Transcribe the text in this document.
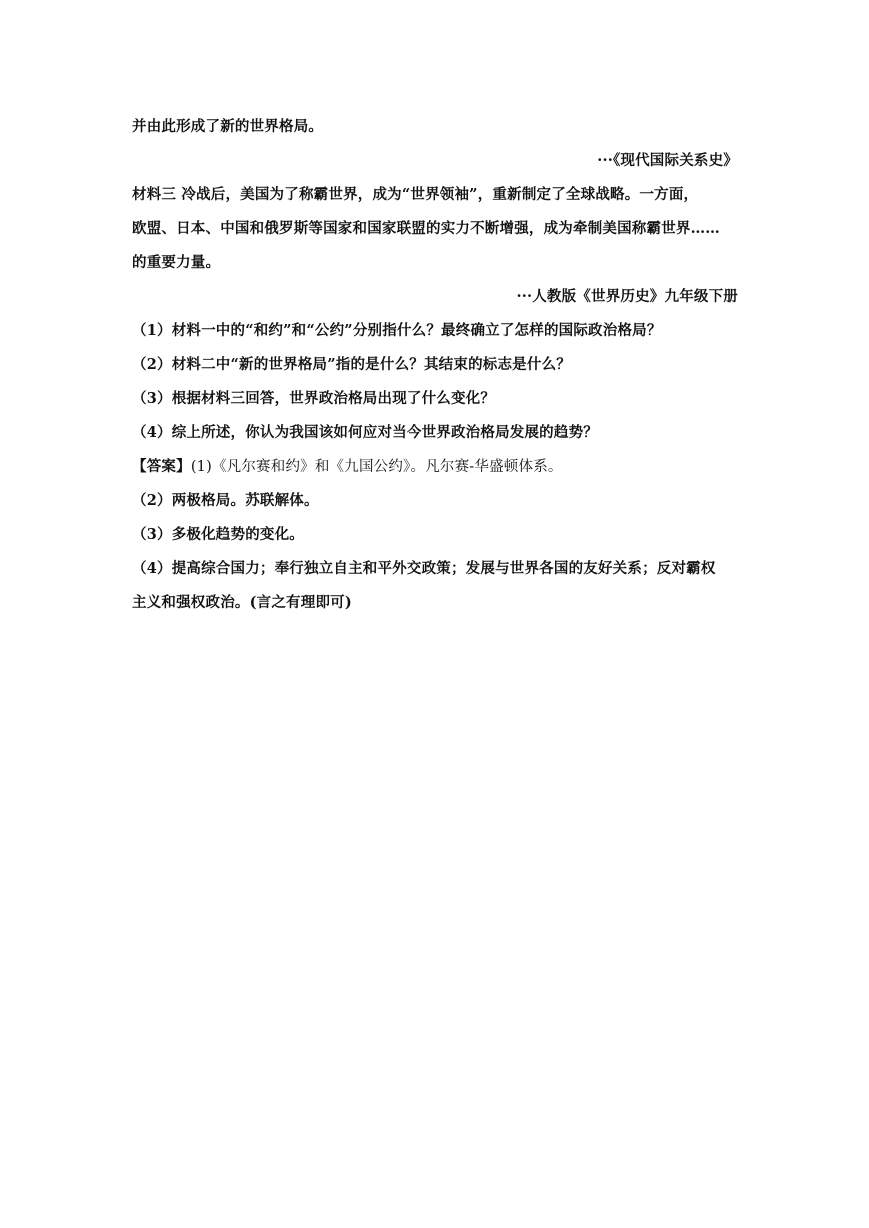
并由此形成了新的世界格局。
···《现代国际关系史》
材料三 冷战后，美国为了称霸世界，成为“世界领袖”，重新制定了全球战略。一方面，
欧盟、日本、中国和俄罗斯等国家和国家联盟的实力不断增强，成为牵制美国称霸世界……
的重要力量。
···人教版《世界历史》九年级下册
（1）材料一中的“和约”和“公约”分别指什么？最终确立了怎样的国际政治格局？
（2）材料二中“新的世界格局”指的是什么？其结束的标志是什么？
（3）根据材料三回答，世界政治格局出现了什么变化？
（4）综上所述，你认为我国该如何应对当今世界政治格局发展的趋势？
【答案】(1)《凡尔赛和约》和《九国公约》。凡尔赛-华盛顿体系。
（2）两极格局。苏联解体。
（3）多极化趋势的变化。
（4）提高综合国力；奉行独立自主和平外交政策；发展与世界各国的友好关系；反对霸权
主义和强权政治。(言之有理即可)
